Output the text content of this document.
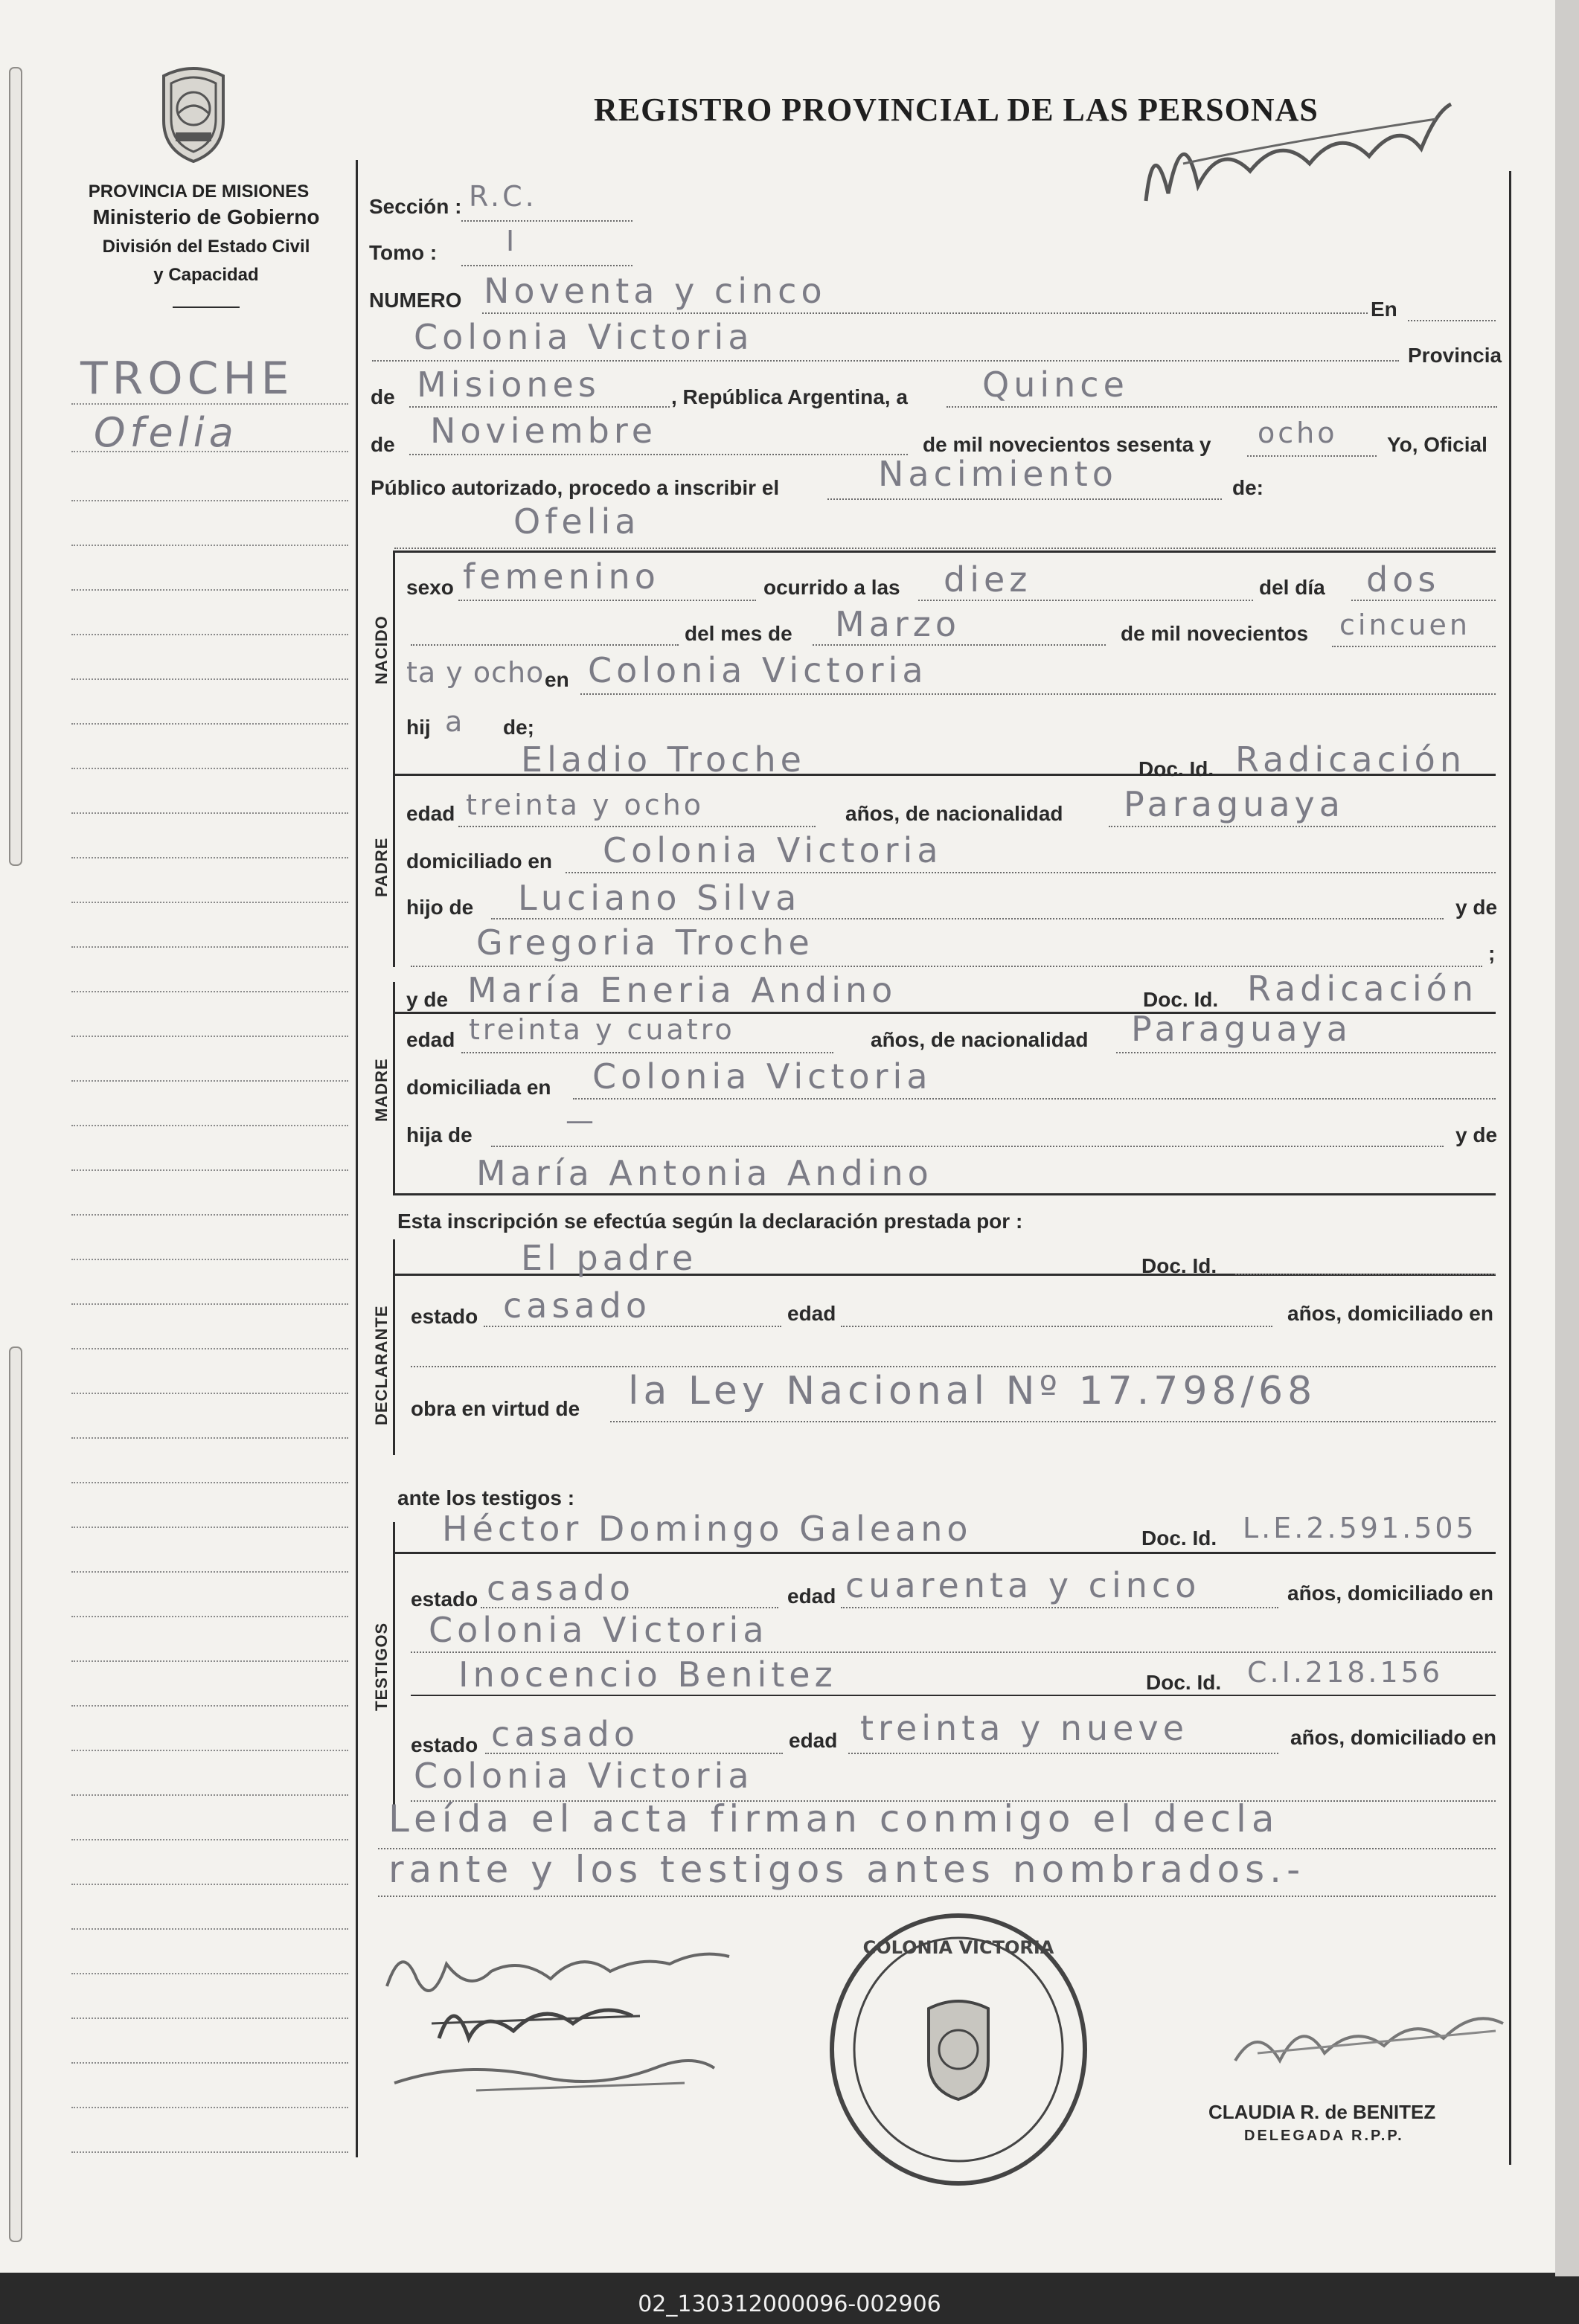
PROVINCIA DE MISIONES
Ministerio de Gobierno
División del Estado Civil
y Capacidad
TROCHE
Ofelia
REGISTRO PROVINCIAL DE LAS PERSONAS
Sección : R.C.
Tomo : I
NUMERO Noventa y cinco	En
Colonia Victoria	Provincia
de Misiones	, República Argentina, a Quince
de Noviembre	de mil novecientos sesenta y ocho Yo, Oficial
Público autorizado, procedo a inscribir el	Nacimiento	de:
Ofelia
NACIDO
sexo femenino	ocurrido a las diez	del día dos
del mes de Marzo	de mil novecientos cincuen
ta y ocho en Colonia Victoria
hij a de;
PADRE
Eladio Troche	Doc. Id. Radicación
edad treinta y ocho	años, de nacionalidad Paraguaya
domiciliado en Colonia Victoria
hijo de Luciano Silva	y de
Gregoria Troche	;
MADRE
y de María Eneria Andino	Doc. Id. Radicación
edad treinta y cuatro	años, de nacionalidad Paraguaya
domiciliada en Colonia Victoria
hija de	—	y de
María Antonia Andino
Esta inscripción se efectúa según la declaración prestada por :
DECLARANTE
El padre	Doc. Id.
estado casado	edad	años, domiciliado en
obra en virtud de la Ley Nacional Nº 17.798/68
ante los testigos :
TESTIGOS
Héctor Domingo Galeano	Doc. Id. L.E.2.591.505
estado casado	edad cuarenta y cinco	años, domiciliado en
Colonia Victoria
Inocencio Benitez	Doc. Id. C.I.218.156
estado casado	edad treinta y nueve	años, domiciliado en
Colonia Victoria
Leída el acta firman conmigo el decla
rante y los testigos antes nombrados.-
COLONIA VICTORIA
CLAUDIA R. de BENITEZ
DELEGADA R.P.P.
02_130312000096-002906
